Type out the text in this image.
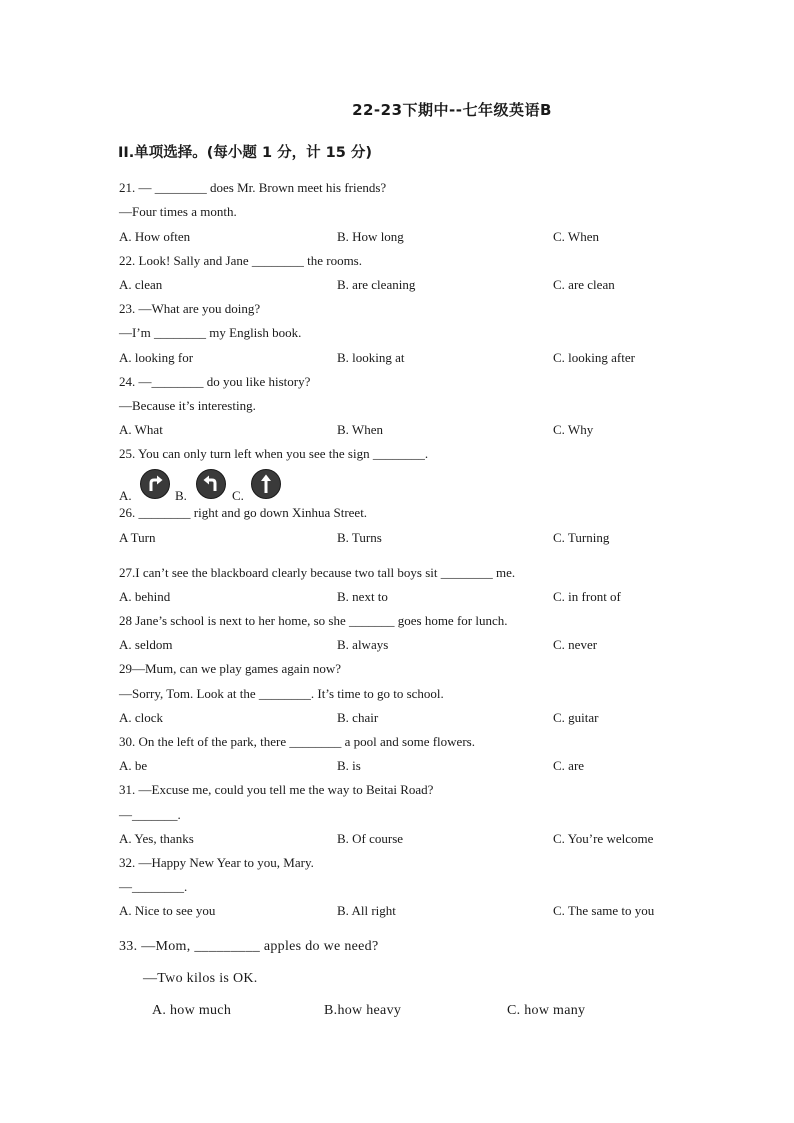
22-23下期中--七年级英语B
II.单项选择。(每小题 1 分，计 15 分)
21. — ________ does Mr. Brown meet his friends?
—Four times a month.
A. How often	B. How long	C. When
22. Look! Sally and Jane ________ the rooms.
A. clean	B. are cleaning	C. are clean
23. —What are you doing?
—I’m ________ my English book.
A. looking for	B. looking at	C. looking after
24. —________ do you like history?
—Because it’s interesting.
A. What	B. When	C. Why
25. You can only turn left when you see the sign ________.
A.	B.	C.
26. ________ right and go down Xinhua Street.
A Turn	B. Turns	C. Turning
27.I can’t see the blackboard clearly because two tall boys sit ________ me.
A. behind	B. next to	C. in front of
28 Jane’s school is next to her home, so she _______ goes home for lunch.
A. seldom	B. always	C. never
29—Mum, can we play games again now?
—Sorry, Tom. Look at the ________. It’s time to go to school.
A. clock	B. chair	C. guitar
30. On the left of the park, there ________ a pool and some flowers.
A. be	B. is	C. are
31. —Excuse me, could you tell me the way to Beitai Road?
—_______.
A. Yes, thanks	B. Of course	C. You’re welcome
32. —Happy New Year to you, Mary.
—________.
A. Nice to see you	B. All right	C. The same to you
33. —Mom, _________ apples do we need?
—Two kilos is OK.
A. how much	B.how heavy	C. how many
